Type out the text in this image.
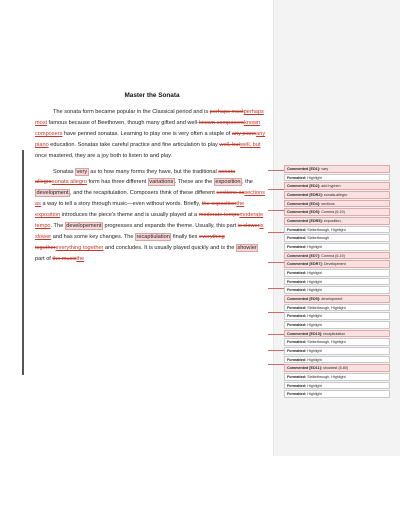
Master the Sonata

The sonata form became popular in the Classical period and is perhaps mostperhaps most famous because of Beethoven, though many gifted and well-known composersknown composers have penned sonatas. Learning to play one is very often a staple of any pianoany piano education. Sonatas take careful practice and fine articulation to play well, butwell, but once mastered, they are a joy both to listen to and play.

Sonatas very as to how many forms they have, but the traditional sonata allegrosonata allegro form has three different variations . These are the exposition , the development , and the recapitulation. Composers think of these different sections assections as a way to tell a story through music—even without words. Briefly, the expositionthe exposition introduces the piece's theme and is usually played at a moderate tempomoderate tempo. The developement progresses and expands the theme. Usually, this part is sloweris slower and has some key changes. The recaptiulation finally ties everything togethereverything together and concludes. It is usually played quickly and is the showier part of the musicthe

Commented [ED1]: vary
Formatted: Highlight
Commented [ED2]: add hyphen
Commented [EDR2]: sonata-allegro
Commented [ED4]: sections
Commented [ED5]: Comma (6.19)
Commented [EDR5]: exposition,
Formatted: Strikethrough, Highlight
Formatted: Strikethrough
Formatted: Highlight
Commented [ED7]: Comma (6.19)
Commented [EDR7]: Development
Formatted: Highlight
Formatted: Highlight
Formatted: Highlight
Commented [ED9]: development
Formatted: Strikethrough, Highlight
Formatted: Highlight
Formatted: Highlight
Commented [ED10]: recapitulation
Formatted: Strikethrough, Highlight
Formatted: Highlight
Formatted: Highlight
Commented [ED11]: showiest (5.80)
Formatted: Strikethrough, Highlight
Formatted: Highlight
Formatted: Highlight
